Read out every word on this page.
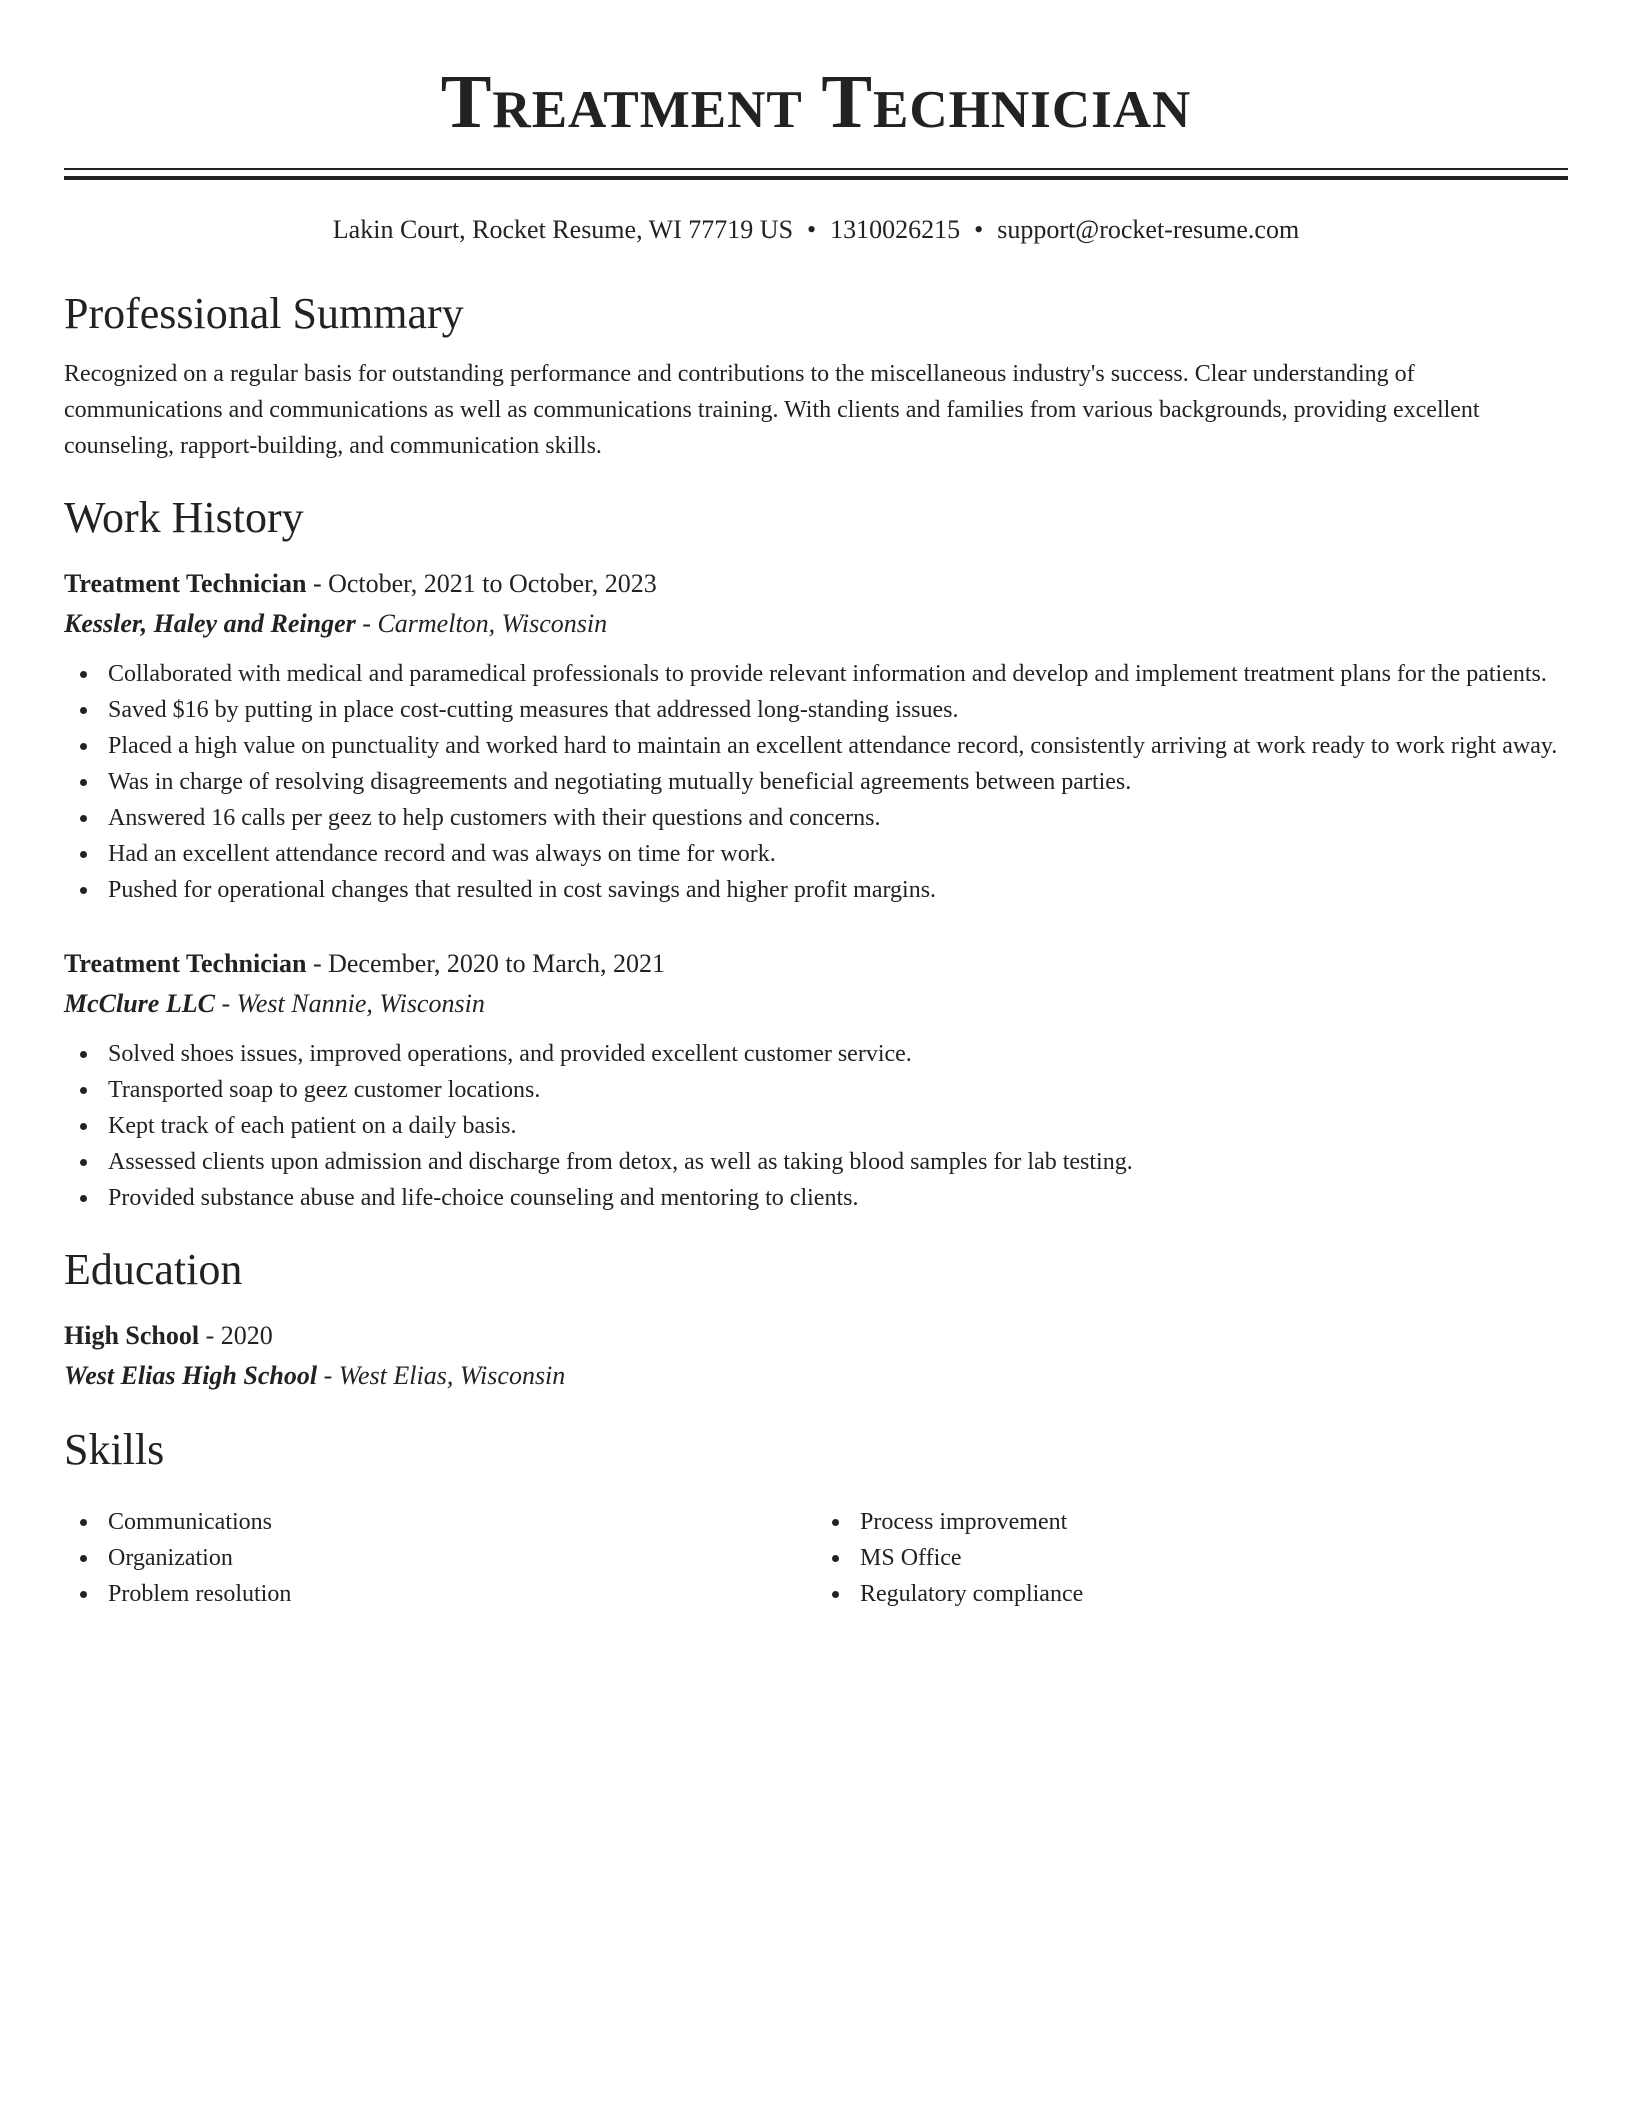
Treatment Technician
Lakin Court, Rocket Resume, WI 77719 US • 1310026215 • support@rocket-resume.com
Professional Summary

Recognized on a regular basis for outstanding performance and contributions to the miscellaneous industry's success. Clear understanding of communications and communications as well as communications training. With clients and families from various backgrounds, providing excellent counseling, rapport-building, and communication skills.

Work History
Treatment Technician - October, 2021 to October, 2023
Kessler, Haley and Reinger - Carmelton, Wisconsin
Collaborated with medical and paramedical professionals to provide relevant information and develop and implement treatment plans for the patients.
Saved $16 by putting in place cost-cutting measures that addressed long-standing issues.
Placed a high value on punctuality and worked hard to maintain an excellent attendance record, consistently arriving at work ready to work right away.
Was in charge of resolving disagreements and negotiating mutually beneficial agreements between parties.
Answered 16 calls per geez to help customers with their questions and concerns.
Had an excellent attendance record and was always on time for work.
Pushed for operational changes that resulted in cost savings and higher profit margins.
Treatment Technician - December, 2020 to March, 2021
McClure LLC - West Nannie, Wisconsin
Solved shoes issues, improved operations, and provided excellent customer service.
Transported soap to geez customer locations.
Kept track of each patient on a daily basis.
Assessed clients upon admission and discharge from detox, as well as taking blood samples for lab testing.
Provided substance abuse and life-choice counseling and mentoring to clients.
Education
High School - 2020
West Elias High School - West Elias, Wisconsin
Skills
Communications
Organization
Problem resolution
Process improvement
MS Office
Regulatory compliance
